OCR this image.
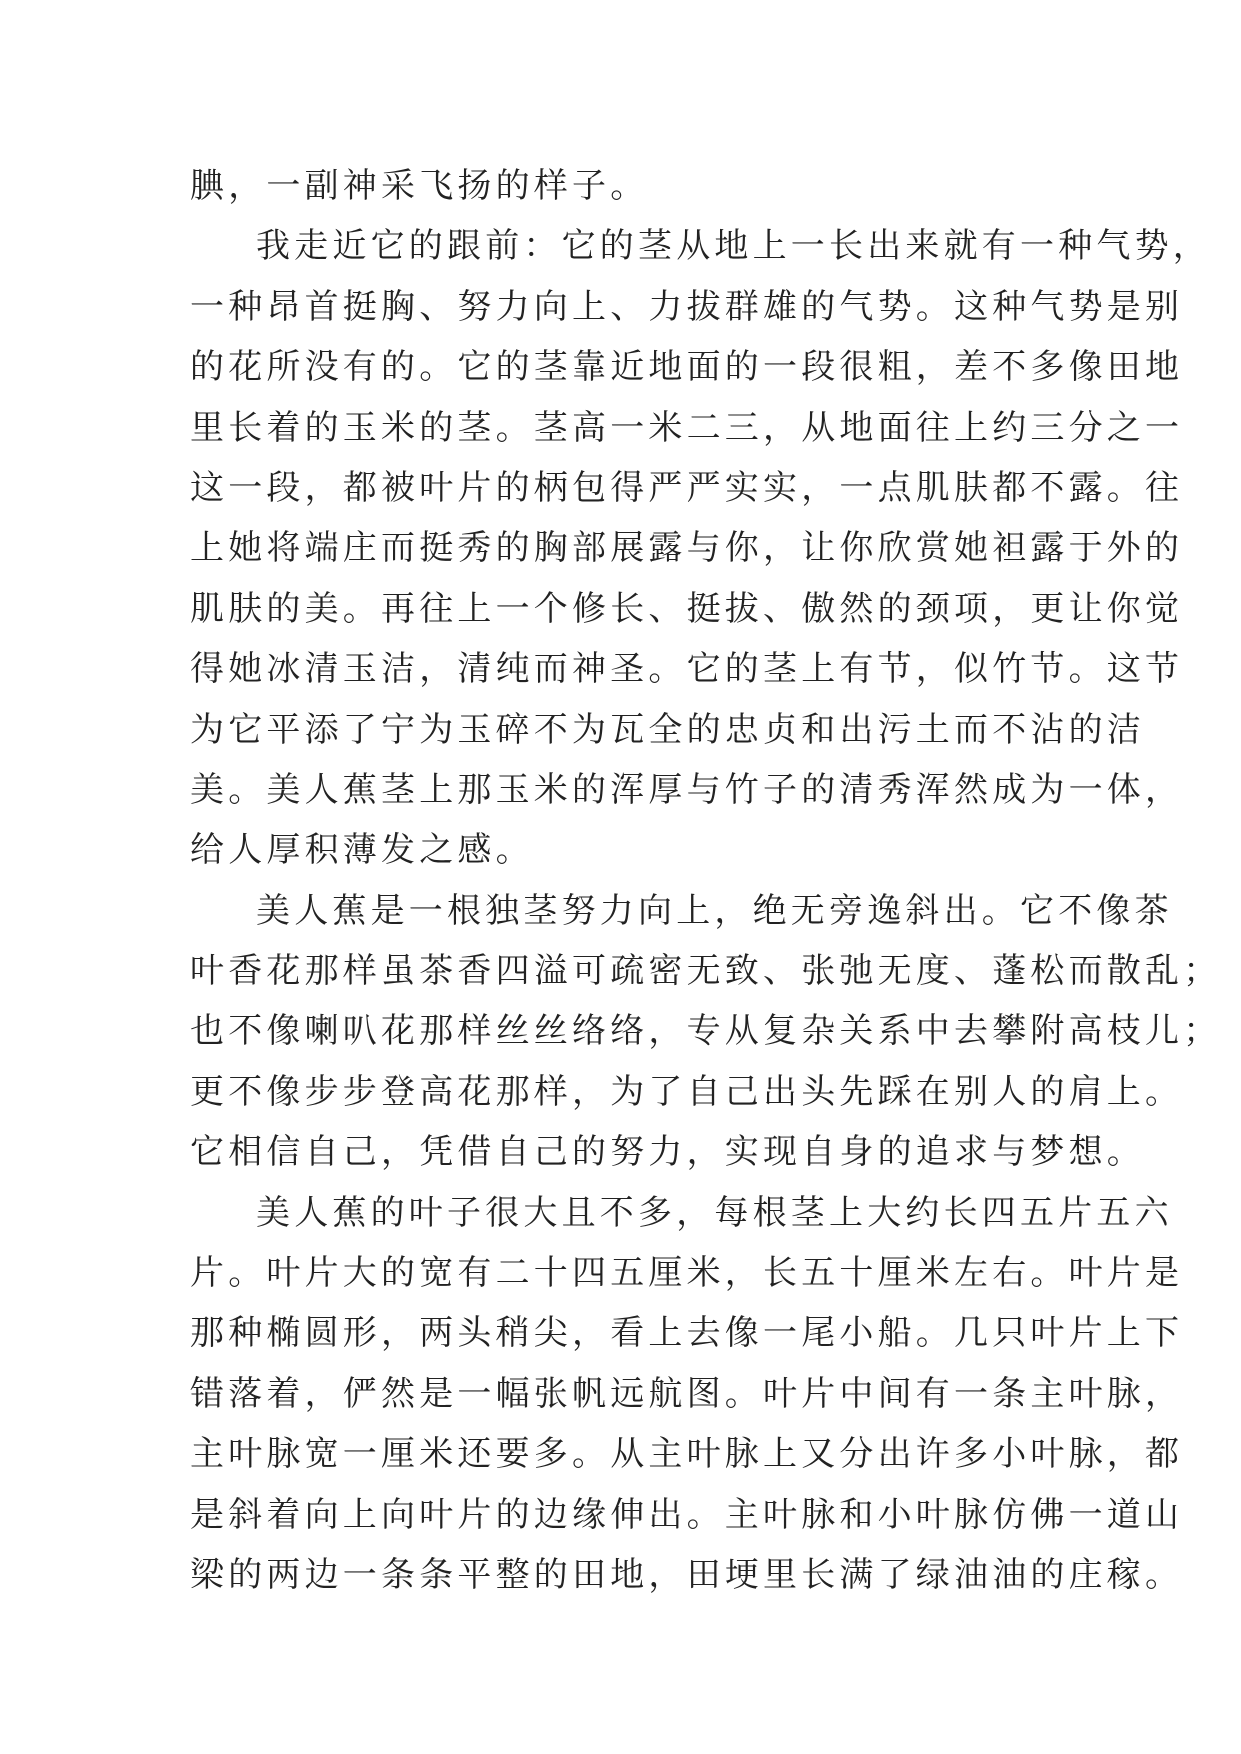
腆，一副神采飞扬的样子。
我走近它的跟前：它的茎从地上一长出来就有一种气势，
一种昂首挺胸、努力向上、力拔群雄的气势。这种气势是别
的花所没有的。它的茎靠近地面的一段很粗，差不多像田地
里长着的玉米的茎。茎高一米二三，从地面往上约三分之一
这一段，都被叶片的柄包得严严实实，一点肌肤都不露。往
上她将端庄而挺秀的胸部展露与你，让你欣赏她袒露于外的
肌肤的美。再往上一个修长、挺拔、傲然的颈项，更让你觉
得她冰清玉洁，清纯而神圣。它的茎上有节，似竹节。这节
为它平添了宁为玉碎不为瓦全的忠贞和出污土而不沾的洁
美。美人蕉茎上那玉米的浑厚与竹子的清秀浑然成为一体，
给人厚积薄发之感。
美人蕉是一根独茎努力向上，绝无旁逸斜出。它不像茶
叶香花那样虽茶香四溢可疏密无致、张弛无度、蓬松而散乱；
也不像喇叭花那样丝丝络络，专从复杂关系中去攀附高枝儿；
更不像步步登高花那样，为了自己出头先踩在别人的肩上。
它相信自己，凭借自己的努力，实现自身的追求与梦想。
美人蕉的叶子很大且不多，每根茎上大约长四五片五六
片。叶片大的宽有二十四五厘米，长五十厘米左右。叶片是
那种椭圆形，两头稍尖，看上去像一尾小船。几只叶片上下
错落着，俨然是一幅张帆远航图。叶片中间有一条主叶脉，
主叶脉宽一厘米还要多。从主叶脉上又分出许多小叶脉，都
是斜着向上向叶片的边缘伸出。主叶脉和小叶脉仿佛一道山
梁的两边一条条平整的田地，田埂里长满了绿油油的庄稼。
